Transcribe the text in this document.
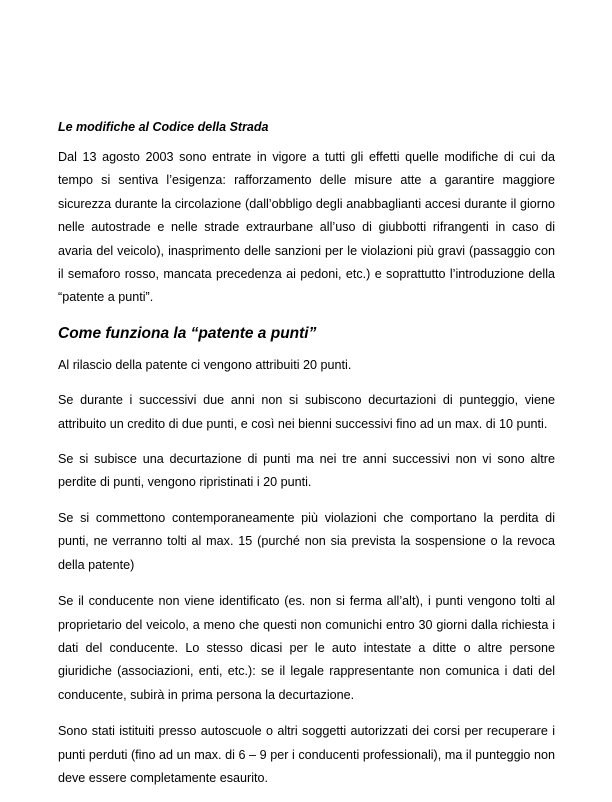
Le modifiche al Codice della Strada

Dal 13 agosto 2003 sono entrate in vigore a tutti gli effetti quelle modifiche di cui da tempo si sentiva l’esigenza: rafforzamento delle misure atte a garantire maggiore sicurezza durante la circolazione (dall’obbligo degli anabbaglianti accesi durante il giorno nelle autostrade e nelle strade extraurbane all’uso di giubbotti rifrangenti in caso di avaria del veicolo), inasprimento delle sanzioni per le violazioni più gravi (passaggio con il semaforo rosso, mancata precedenza ai pedoni, etc.) e soprattutto l’introduzione della “patente a punti”.

Come funziona la “patente a punti”

Al rilascio della patente ci vengono attribuiti 20 punti.

Se durante i successivi due anni non si subiscono decurtazioni di punteggio, viene attribuito un credito di due punti, e così nei bienni successivi fino ad un max. di 10 punti.

Se si subisce una decurtazione di punti ma nei tre anni successivi non vi sono altre perdite di punti, vengono ripristinati i 20 punti.

Se si commettono contemporaneamente più violazioni che comportano la perdita di punti, ne verranno tolti al max. 15 (purché non sia prevista la sospensione o la revoca della patente)

Se il conducente non viene identificato (es. non si ferma all’alt), i punti vengono tolti al proprietario del veicolo, a meno che questi non comunichi entro 30 giorni dalla richiesta i dati del conducente. Lo stesso dicasi per le auto intestate a ditte o altre persone giuridiche (associazioni, enti, etc.): se il legale rappresentante non comunica i dati del conducente, subirà in prima persona la decurtazione.

Sono stati istituiti presso autoscuole o altri soggetti autorizzati dei corsi per recuperare i punti perduti (fino ad un max. di 6 – 9 per i conducenti professionali), ma il punteggio non deve essere completamente esaurito.
